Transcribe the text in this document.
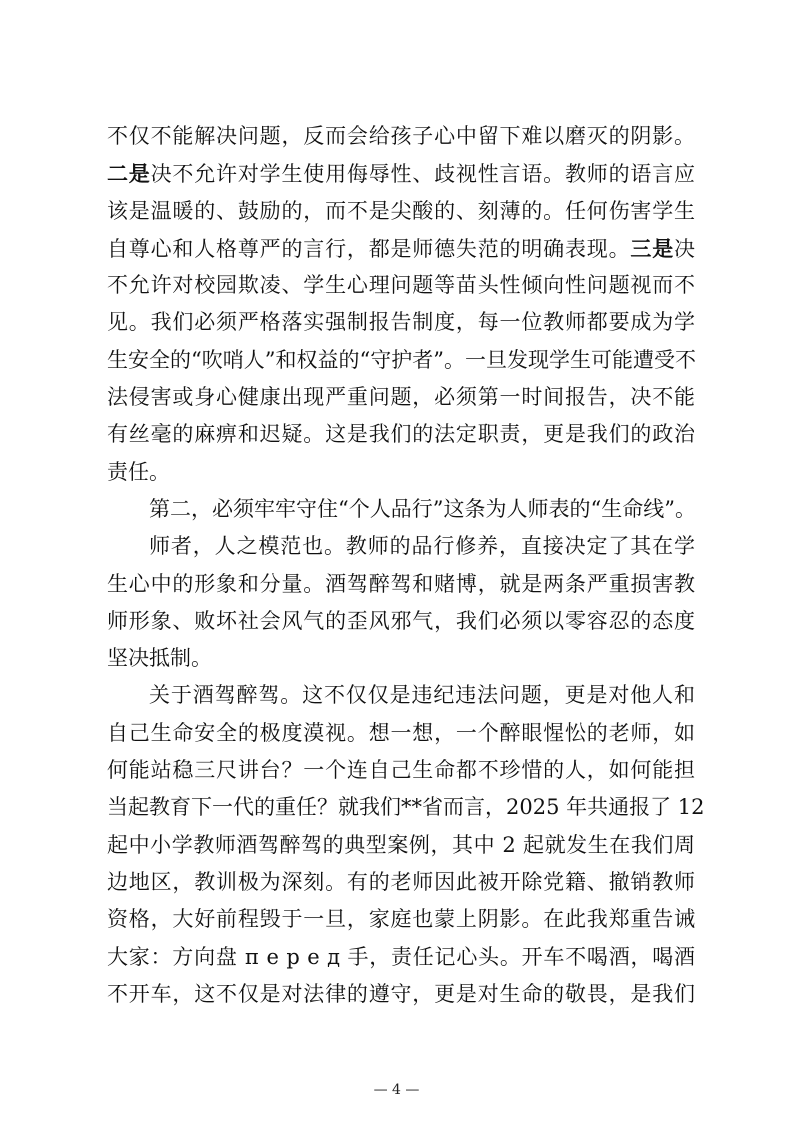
不仅不能解决问题，反而会给孩子心中留下难以磨灭的阴影。
二是决不允许对学生使用侮辱性、歧视性言语。教师的语言应
该是温暖的、鼓励的，而不是尖酸的、刻薄的。任何伤害学生
自尊心和人格尊严的言行，都是师德失范的明确表现。三是决
不允许对校园欺凌、学生心理问题等苗头性倾向性问题视而不
见。我们必须严格落实强制报告制度，每一位教师都要成为学
生安全的“吹哨人”和权益的“守护者”。一旦发现学生可能遭受不
法侵害或身心健康出现严重问题，必须第一时间报告，决不能
有丝毫的麻痹和迟疑。这是我们的法定职责，更是我们的政治
责任。
第二，必须牢牢守住“个人品行”这条为人师表的“生命线”。
师者，人之模范也。教师的品行修养，直接决定了其在学
生心中的形象和分量。酒驾醉驾和赌博，就是两条严重损害教
师形象、败坏社会风气的歪风邪气，我们必须以零容忍的态度
坚决抵制。
关于酒驾醉驾。这不仅仅是违纪违法问题，更是对他人和
自己生命安全的极度漠视。想一想，一个醉眼惺忪的老师，如
何能站稳三尺讲台？一个连自己生命都不珍惜的人，如何能担
当起教育下一代的重任？就我们**省而言，2025 年共通报了 12
起中小学教师酒驾醉驾的典型案例，其中 2 起就发生在我们周
边地区，教训极为深刻。有的老师因此被开除党籍、撤销教师
资格，大好前程毁于一旦，家庭也蒙上阴影。在此我郑重告诫
大家：方向盘 п е р е д 手，责任记心头。开车不喝酒，喝酒
不开车，这不仅是对法律的遵守，更是对生命的敬畏，是我们
— 4 —
